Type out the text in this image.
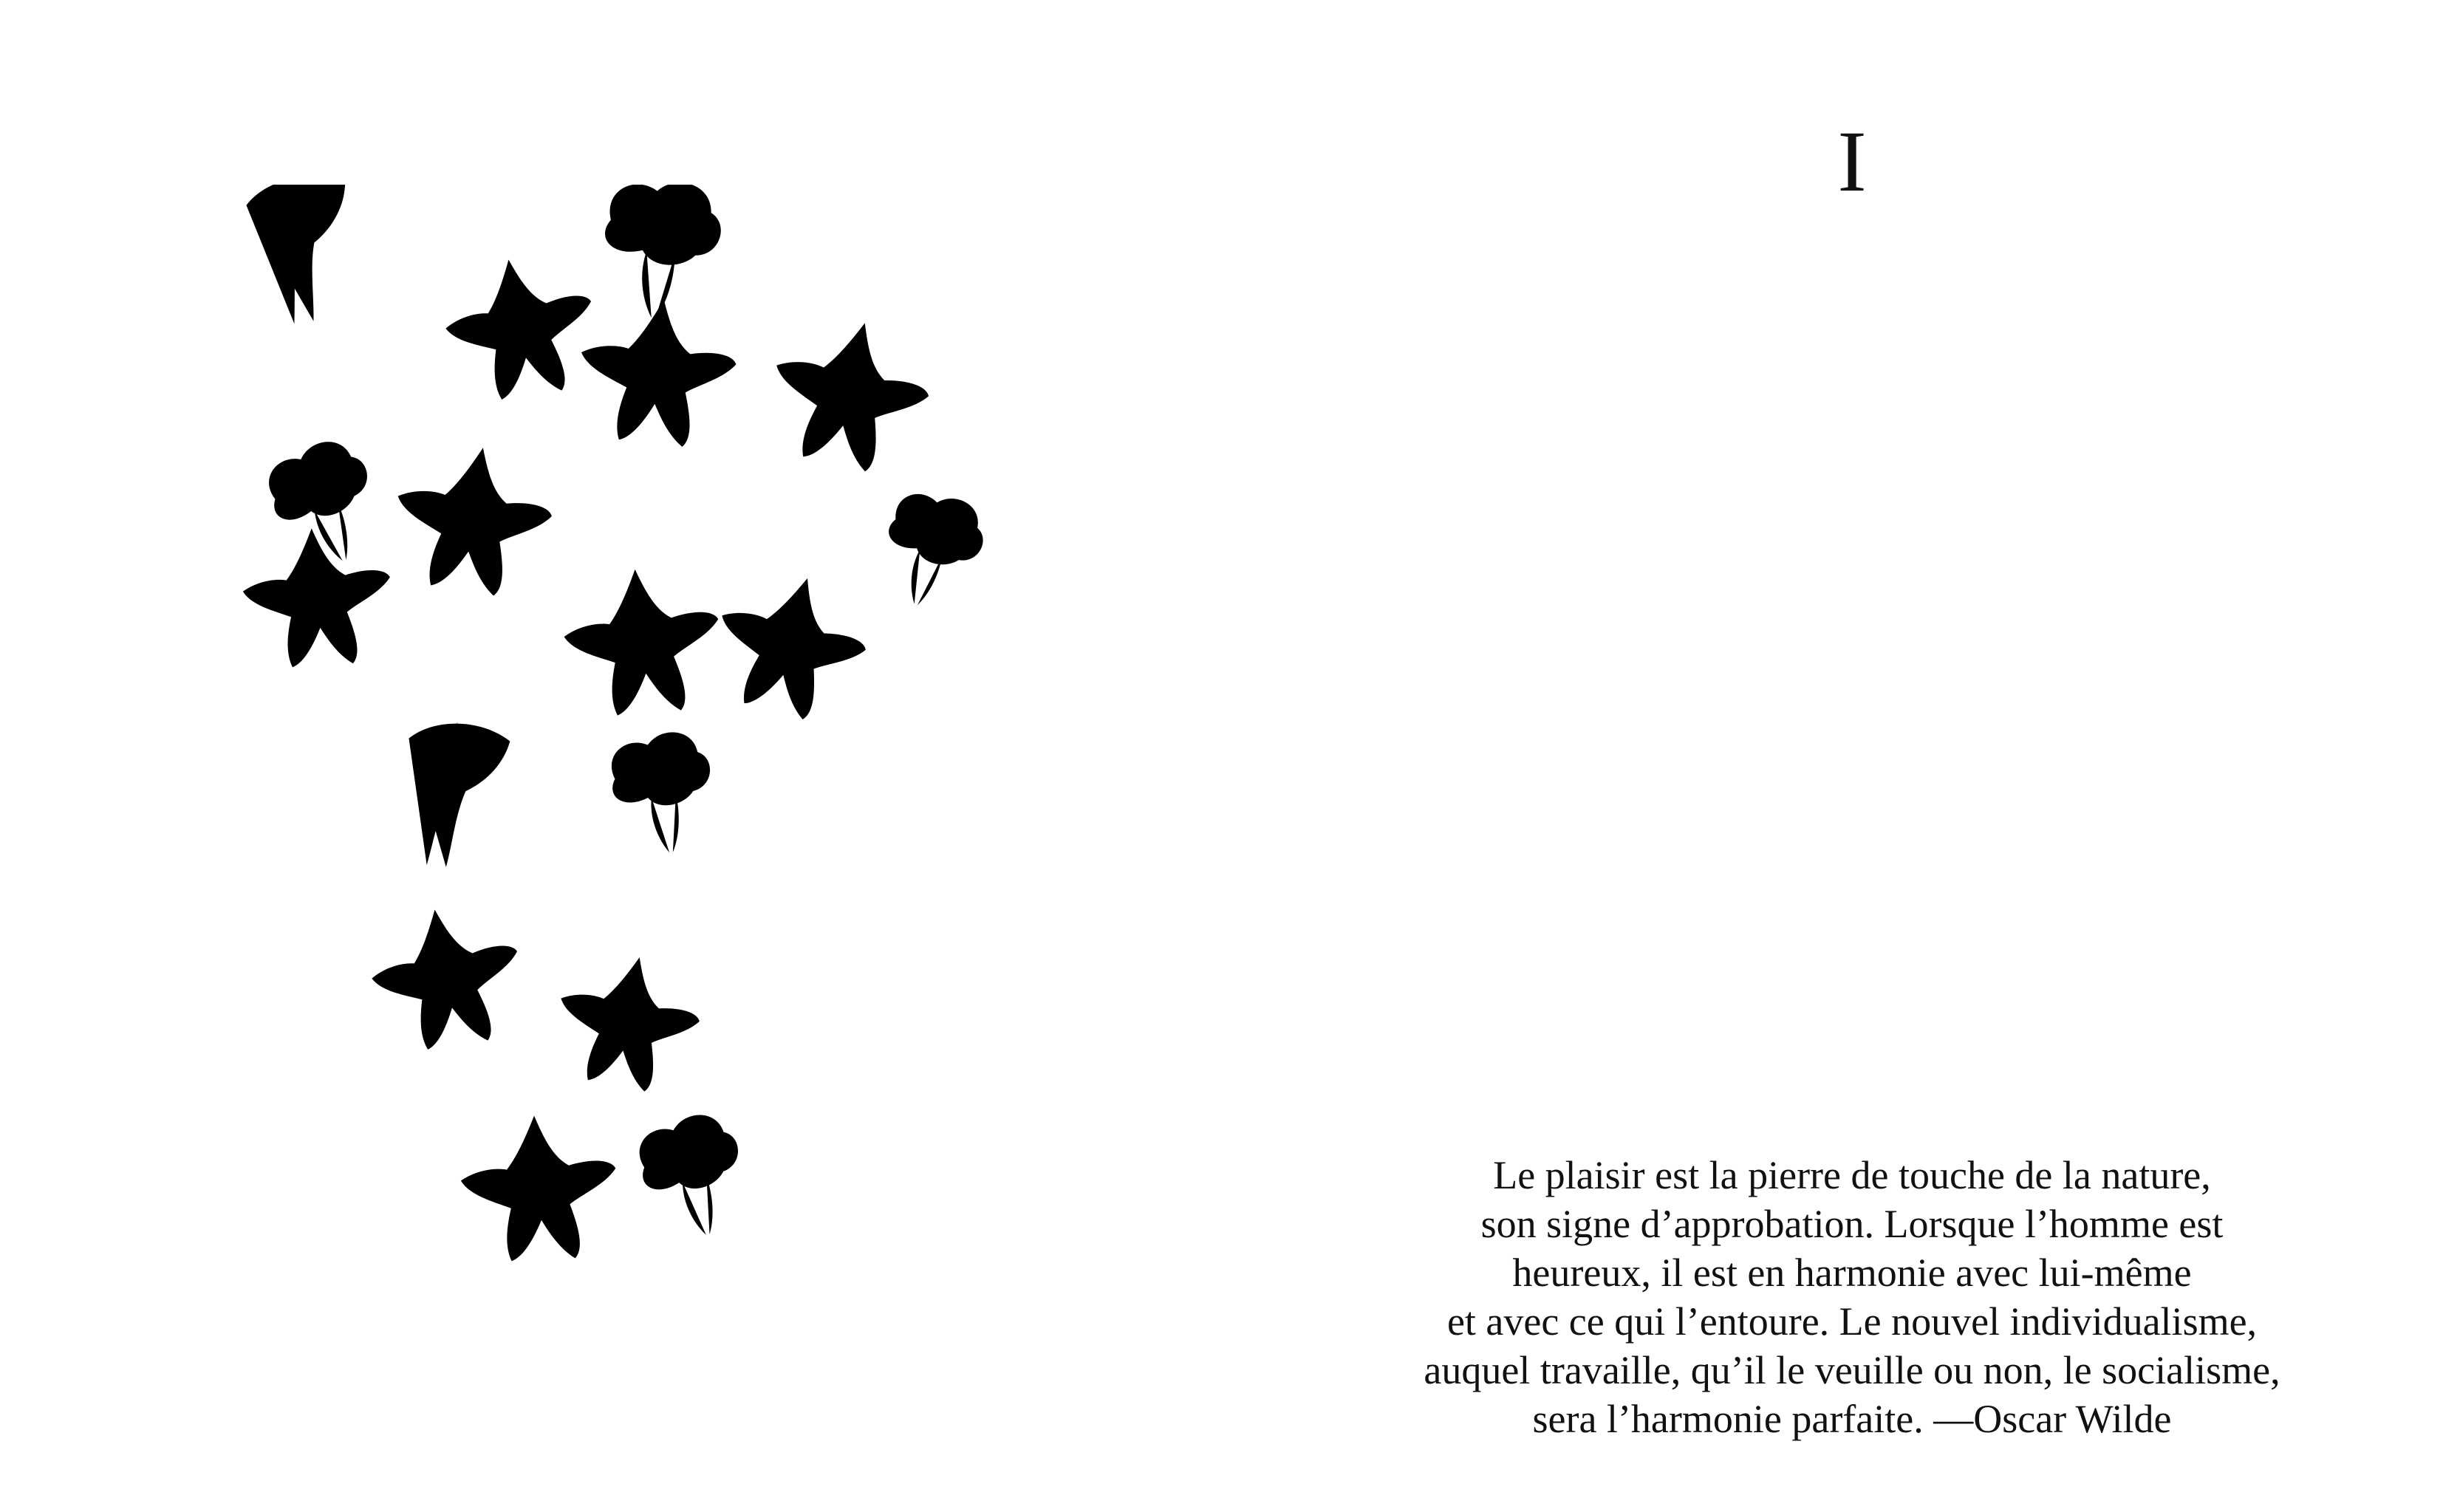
I
Le plaisir est la pierre de touche de la nature,
son signe d’approbation. Lorsque l’homme est
heureux, il est en harmonie avec lui-même
et avec ce qui l’entoure. Le nouvel individualisme,
auquel travaille, qu’il le veuille ou non, le socialisme,
sera l’harmonie parfaite. —Oscar Wilde
